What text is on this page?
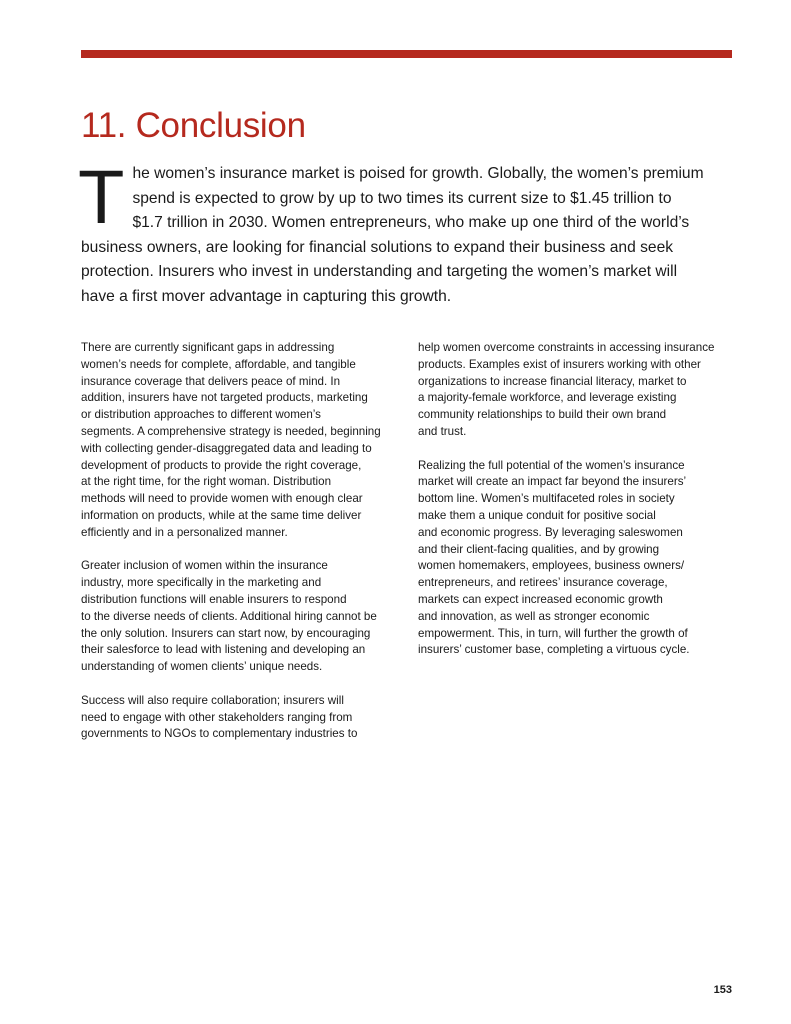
11. Conclusion
T he women’s insurance market is poised for growth. Globally, the women’s premium
spend is expected to grow by up to two times its current size to $1.45 trillion to
$1.7 trillion in 2030. Women entrepreneurs, who make up one third of the world’s
business owners, are looking for financial solutions to expand their business and seek
protection. Insurers who invest in understanding and targeting the women’s market will
have a first mover advantage in capturing this growth.

There are currently significant gaps in addressing
women’s needs for complete, affordable, and tangible
insurance coverage that delivers peace of mind. In
addition, insurers have not targeted products, marketing
or distribution approaches to different women’s
segments. A comprehensive strategy is needed, beginning
with collecting gender-disaggregated data and leading to
development of products to provide the right coverage,
at the right time, for the right woman. Distribution
methods will need to provide women with enough clear
information on products, while at the same time deliver
efficiently and in a personalized manner.

Greater inclusion of women within the insurance
industry, more specifically in the marketing and
distribution functions will enable insurers to respond
to the diverse needs of clients. Additional hiring cannot be
the only solution. Insurers can start now, by encouraging
their salesforce to lead with listening and developing an
understanding of women clients’ unique needs.

Success will also require collaboration; insurers will
need to engage with other stakeholders ranging from
governments to NGOs to complementary industries to

help women overcome constraints in accessing insurance
products. Examples exist of insurers working with other
organizations to increase financial literacy, market to
a majority-female workforce, and leverage existing
community relationships to build their own brand
and trust.

Realizing the full potential of the women’s insurance
market will create an impact far beyond the insurers’
bottom line. Women’s multifaceted roles in society
make them a unique conduit for positive social
and economic progress. By leveraging saleswomen
and their client-facing qualities, and by growing
women homemakers, employees, business owners/
entrepreneurs, and retirees’ insurance coverage,
markets can expect increased economic growth
and innovation, as well as stronger economic
empowerment. This, in turn, will further the growth of
insurers’ customer base, completing a virtuous cycle.

153
